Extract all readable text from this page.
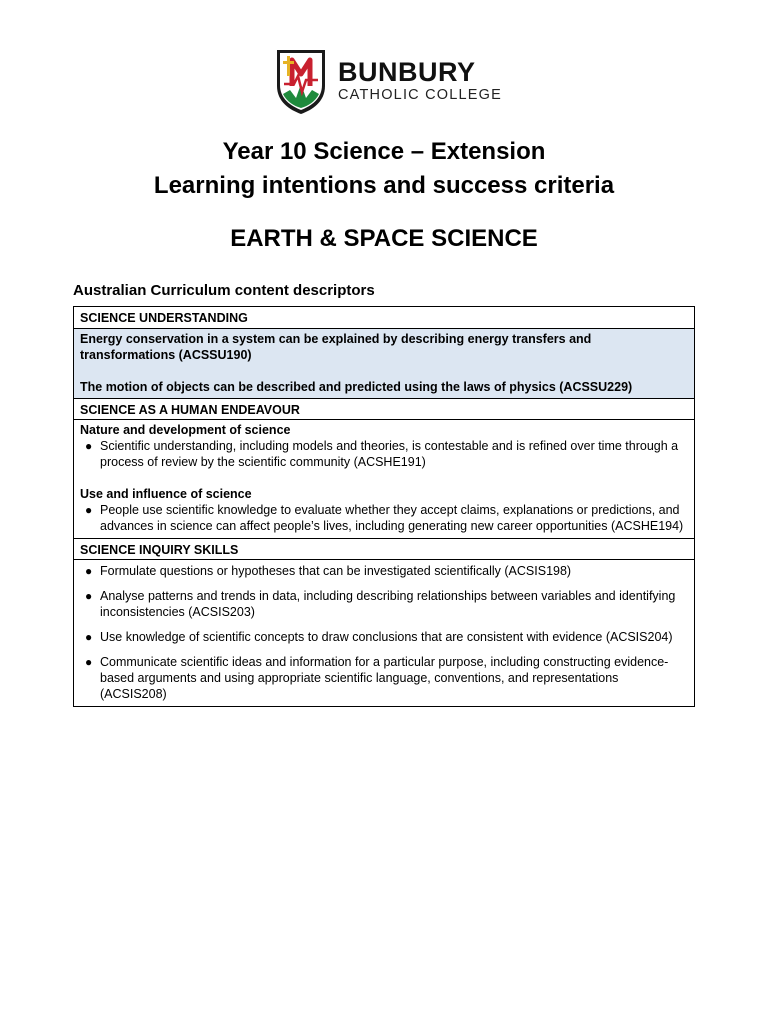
BUNBURY
CATHOLIC COLLEGE
Year 10 Science – Extension
Learning intentions and success criteria
EARTH & SPACE SCIENCE
Australian Curriculum content descriptors
SCIENCE UNDERSTANDING

Energy conservation in a system can be explained by describing energy transfers and transformations (ACSSU190)

The motion of objects can be described and predicted using the laws of physics (ACSSU229)

SCIENCE AS A HUMAN ENDEAVOUR

Nature and development of science

● Scientific understanding, including models and theories, is contestable and is refined over time through a process of review by the scientific community (ACSHE191)

Use and influence of science

● People use scientific knowledge to evaluate whether they accept claims, explanations or predictions, and advances in science can affect people’s lives, including generating new career opportunities (ACSHE194)
SCIENCE INQUIRY SKILLS
● Formulate questions or hypotheses that can be investigated scientifically (ACSIS198)
● Analyse patterns and trends in data, including describing relationships between variables and identifying inconsistencies (ACSIS203)
● Use knowledge of scientific concepts to draw conclusions that are consistent with evidence (ACSIS204)
● Communicate scientific ideas and information for a particular purpose, including constructing evidence-based arguments and using appropriate scientific language, conventions, and representations (ACSIS208)
